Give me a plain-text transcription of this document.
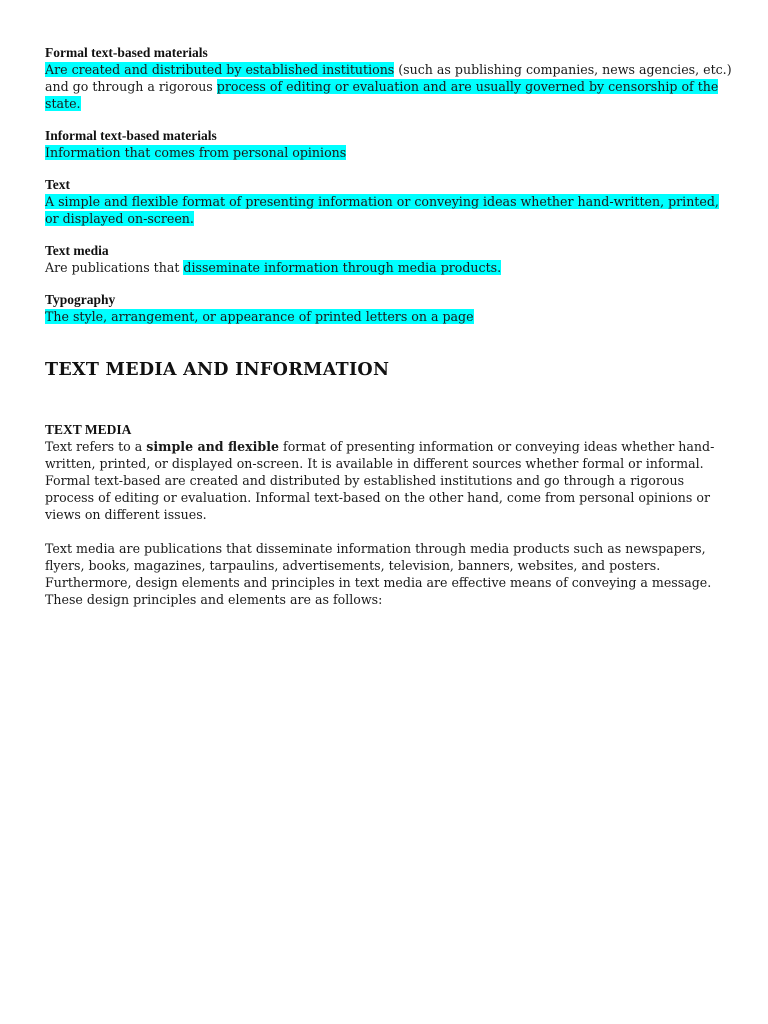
Formal text-based materials
Are created and distributed by established institutions (such as publishing companies, news agencies, etc.) and go through a rigorous process of editing or evaluation and are usually governed by censorship of the state.
Informal text-based materials
Information that comes from personal opinions
Text
A simple and flexible format of presenting information or conveying ideas whether hand-written, printed, or displayed on-screen.
Text media
Are publications that disseminate information through media products.
Typography
The style, arrangement, or appearance of printed letters on a page
TEXT MEDIA AND INFORMATION
TEXT MEDIA

Text refers to a simple and flexible format of presenting information or conveying ideas whether hand-written, printed, or displayed on-screen. It is available in different sources whether formal or informal. Formal text-based are created and distributed by established institutions and go through a rigorous process of editing or evaluation. Informal text-based on the other hand, come from personal opinions or views on different issues.

Text media are publications that disseminate information through media products such as newspapers, flyers, books, magazines, tarpaulins, advertisements, television, banners, websites, and posters. Furthermore, design elements and principles in text media are effective means of conveying a message. These design principles and elements are as follows:
